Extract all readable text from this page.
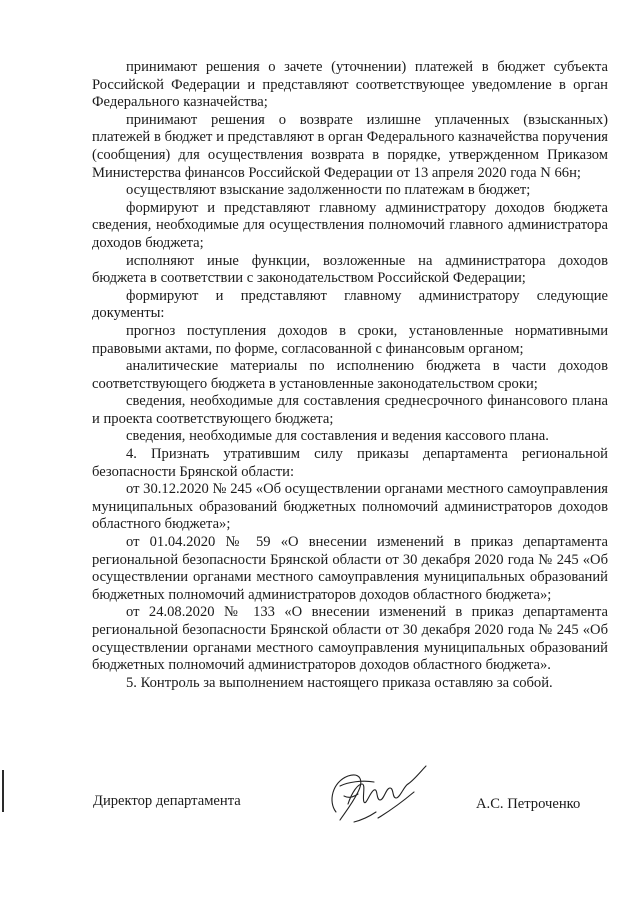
принимают решения о зачете (уточнении) платежей в бюджет субъекта Российской Федерации и представляют соответствующее уведомление в орган Федерального казначейства;

принимают решения о возврате излишне уплаченных (взысканных) платежей в бюджет и представляют в орган Федерального казначейства поручения (сообщения) для осуществления возврата в порядке, утвержденном Приказом Министерства финансов Российской Федерации от 13 апреля 2020 года N 66н;

осуществляют взыскание задолженности по платежам в бюджет;

формируют и представляют главному администратору доходов бюджета сведения, необходимые для осуществления полномочий главного администратора доходов бюджета;

исполняют иные функции, возложенные на администратора доходов бюджета в соответствии с законодательством Российской Федерации;

формируют и представляют главному администратору следующие документы:

прогноз поступления доходов в сроки, установленные нормативными правовыми актами, по форме, согласованной с финансовым органом;

аналитические материалы по исполнению бюджета в части доходов соответствующего бюджета в установленные законодательством сроки;

сведения, необходимые для составления среднесрочного финансового плана и проекта соответствующего бюджета;

сведения, необходимые для составления и ведения кассового плана.

4. Признать утратившим силу приказы департамента региональной безопасности Брянской области:

от 30.12.2020 № 245 «Об осуществлении органами местного самоуправления муниципальных образований бюджетных полномочий администраторов доходов областного бюджета»;

от 01.04.2020 № 59 «О внесении изменений в приказ департамента региональной безопасности Брянской области от 30 декабря 2020 года № 245 «Об осуществлении органами местного самоуправления муниципальных образований бюджетных полномочий администраторов доходов областного бюджета»;

от 24.08.2020 № 133 «О внесении изменений в приказ департамента региональной безопасности Брянской области от 30 декабря 2020 года № 245 «Об осуществлении органами местного самоуправления муниципальных образований бюджетных полномочий администраторов доходов областного бюджета».

5. Контроль за выполнением настоящего приказа оставляю за собой.

Директор департамента	А.С. Петроченко
